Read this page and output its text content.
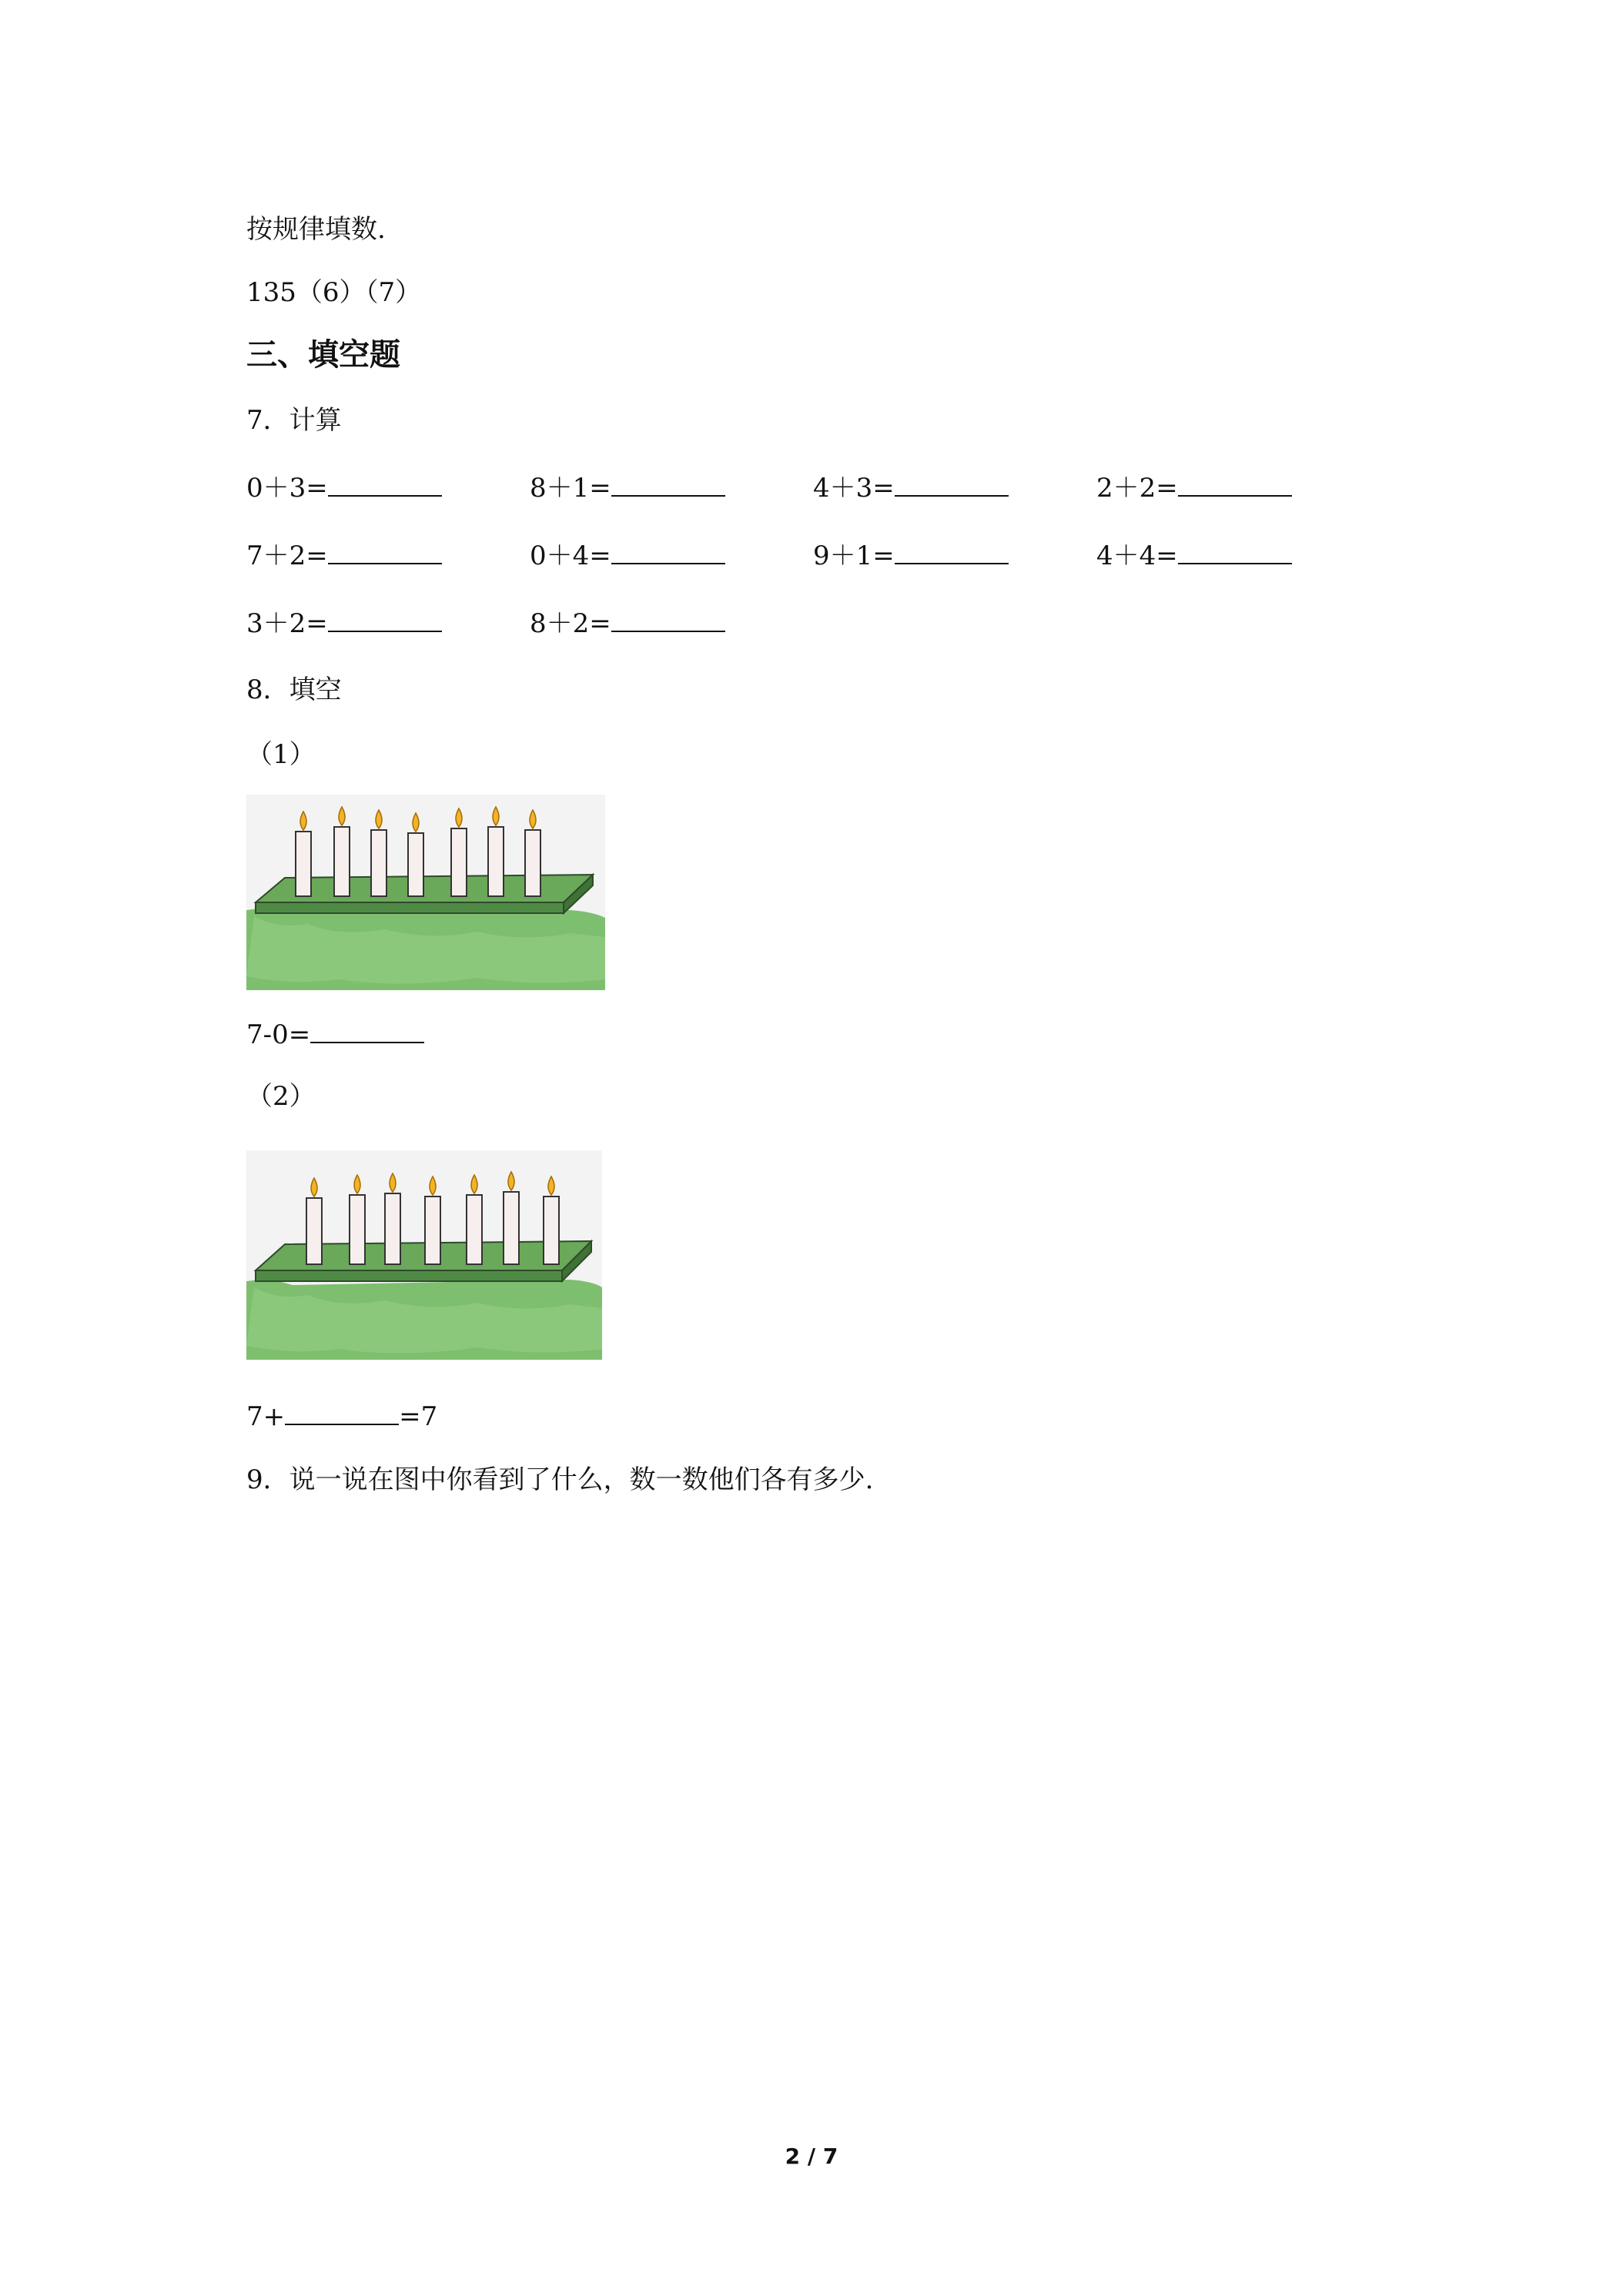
按规律填数.
135（6）（7）
三、填空题
7．计算
0＋3=	8＋1=	4＋3=	2＋2=
7＋2=	0＋4=	9＋1=	4＋4=
3＋2=	8＋2=
8．填空
（1）
7-0=
（2）
7+	=7
9．说一说在图中你看到了什么，数一数他们各有多少.
2 / 7
